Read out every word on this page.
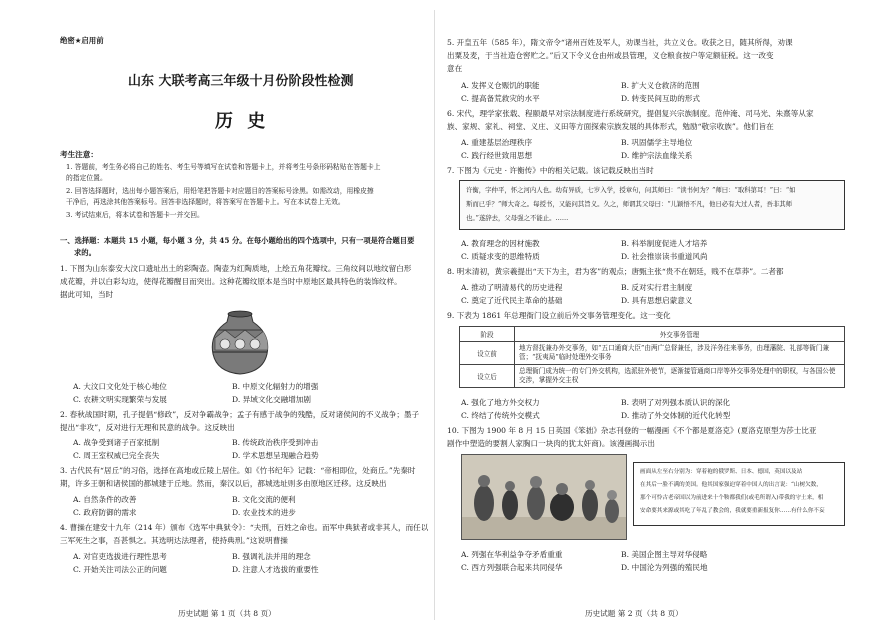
绝密★启用前
山东 大联考高三年级十月份阶段性检测
历 史
考生注意：
1. 答题前，考生务必将自己的姓名、考生号等填写在试卷和答题卡上，并将考生号条形码粘贴在答题卡上
的指定位置。
2. 回答选择题时，选出每小题答案后，用铅笔把答题卡对应题目的答案标号涂黑。如需改动，用橡皮擦
干净后，再选涂其他答案标号。回答非选择题时，将答案写在答题卡上。写在本试卷上无效。
3. 考试结束后，将本试卷和答题卡一并交回。
一、选择题：本题共 15 小题，每小题 3 分，共 45 分。在每小题给出的四个选项中，只有一项是符合题目要
求的。
1. 下图为山东泰安大汶口遗址出土的彩陶壶。陶壶为红陶质地，上绘五角花瓣纹。三角纹间以地纹留白形
成花瓣，并以白彩勾边，使得花瓣醒目而突出。这种花瓣纹原本是当时中原地区最具特色的装饰纹样。
据此可知，当时
A. 大汶口文化处于核心地位	B. 中原文化辐射力的增强
C. 农耕文明实现繁荣与发展	D. 异域文化交融增加剧
2. 春秋战国时期，孔子提倡“修政”，反对争霸战争；孟子有感于战争的残酷，反对诸侯间的不义战争；墨子
提出“非攻”，反对进行无理和民意的战争。这反映出
A. 战争受到诸子百家抵制	B. 传统政治秩序受到冲击
C. 周王室权威已完全丧失	D. 学术思想呈现融合趋势
3. 古代民有“居丘”的习俗，选择在高地或丘陵上居住。如《竹书纪年》记载：“帝相即位，处商丘。”先秦时
期，许多王朝和诸侯国的都城建于丘地。然而，秦汉以后，都城选址则多由原地区迁移。这反映出
A. 自然条件的改善	B. 文化交流的便利
C. 政府防御的需求	D. 农业技术的进步
4. 曹操在建安十九年（214 年）颁布《选军中典狱令》：“夫刑，百姓之命也。而军中典狱者或非其人，而任以
三军死生之事，吾甚惧之。其选明达法理者，使持典刑。”这说明曹操
A. 对官吏选拔进行理性思考	B. 强调礼法并用的理念
C. 开始关注司法公正的问题	D. 注意人才选拔的重要性
历史试题 第 1 页（共 8 页）
5. 开皇五年（585 年），隋文帝令“诸州百姓及军人，劝课当社，共立义仓。收获之日，随其所得，劝课
出粟及麦，于当社造仓窖贮之。”后又下令义仓由州或县管理，义仓粮食按户等定额征税。这一改变
意在
A. 发挥义仓赈饥的职能	B. 扩大义仓救济的范围
C. 提高备荒救灾的水平	D. 转变民间互助的形式
6. 宋代，理学家张载、程颐最早对宗法制度进行系统研究，提倡复兴宗族制度。范仲淹、司马光、朱熹等从家
族、家规、家礼、祠堂、义庄、义田等方面探索宗族发展的具体形式，勉励“敬宗收族”。他们旨在
A. 重建基层治理秩序	B. 巩固儒学主导地位
C. 践行经世致用思想	D. 维护宗法血缘关系
7. 下图为《元史 · 许衡传》中的相关记载。该记载反映出当时
许衡，字仲平，怀之河内人也。幼有异质，七岁入学，授章句，问其师曰：“读书何为？”师曰：“取科第耳！”曰：“如
斯而已乎？”师大奇之。每授书，又能问其旨义。久之，师谓其父母曰：“儿颖悟不凡，他日必有大过人者，吾非其师
也。”遂辞去，父母强之不能止。……
A. 教育理念的因材施教	B. 科举制度促进人才培养
C. 质疑求变的思维特质	D. 社会推崇读书重道风尚
8. 明末清初，黄宗羲提出“天下为主，君为客”的观点；唐甄主张“贵不在朝廷，贱不在草莽”。二者都
A. 推动了明清易代的历史进程	B. 反对实行君主制度
C. 奠定了近代民主革命的基础	D. 具有思想启蒙意义
9. 下表为 1861 年总理衙门设立前后外交事务管理变化。这一变化
阶段	外交事务管理
设立前	地方督抚兼办外交事务，如“五口通商大臣”由两广总督兼任，涉及洋务往来事务，由理藩院、礼部等衙门兼管；“抚夷局”临时处理外交事务
设立后	总理衙门成为统一的专门外交机构，选派驻外使节，逐渐接管通商口岸等外交事务处理中的职权，与各国公使交涉，掌握外交主权
A. 强化了地方外交权力	B. 表明了对列强本质认识的深化
C. 终结了传统外交模式	D. 推动了外交体制的近代化转型
10. 下图为 1900 年 8 月 15 日英国《笨拙》杂志刊登的一幅漫画《不个都是夏洛克》(夏洛克原型为莎士比亚
剧作中塑造的要割人家胸口一块肉的犹太奸商)。该漫画揭示出
画面从左至右分别为：穿着袍的俄罗斯、日本、德国，英国以及站
在其后一脸不满的美国。他其国家强迫穿着中国人的出言说：“山树欠数，
那个可怜古老帝国以为前进来十个鞍都我们(或毛所谓入)带我的守土来，相
安命要其来源或其吃了年乱了教会的，我就要重新报复你……有什么你不妄
A. 列强在华利益争夺矛盾重重	B. 美国企图主导对华侵略
C. 西方列强联合起来共同侵华	D. 中国沦为列强的殖民地
历史试题 第 2 页（共 8 页）
